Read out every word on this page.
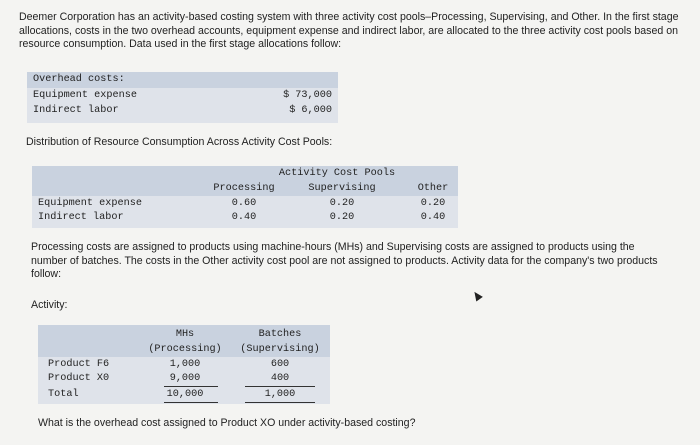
Deemer Corporation has an activity-based costing system with three activity cost pools–Processing, Supervising, and Other. In the first stage allocations, costs in the two overhead accounts, equipment expense and indirect labor, are allocated to the three activity cost pools based on resource consumption. Data used in the first stage allocations follow:
Overhead costs:
Equipment expense	$ 73,000
Indirect labor	$ 6,000
Distribution of Resource Consumption Across Activity Cost Pools:
Activity Cost Pools
Processing	Supervising	Other
Equipment expense	0.60	0.20	0.20
Indirect labor	0.40	0.20	0.40
Processing costs are assigned to products using machine-hours (MHs) and Supervising costs are assigned to products using the number of batches. The costs in the Other activity cost pool are not assigned to products. Activity data for the company's two products follow:
Activity:
MHs
(Processing)
Batches
(Supervising)
Product F6	1,000	600
Product X0	9,000	400
Total	10,000	1,000
What is the overhead cost assigned to Product XO under activity-based costing?
